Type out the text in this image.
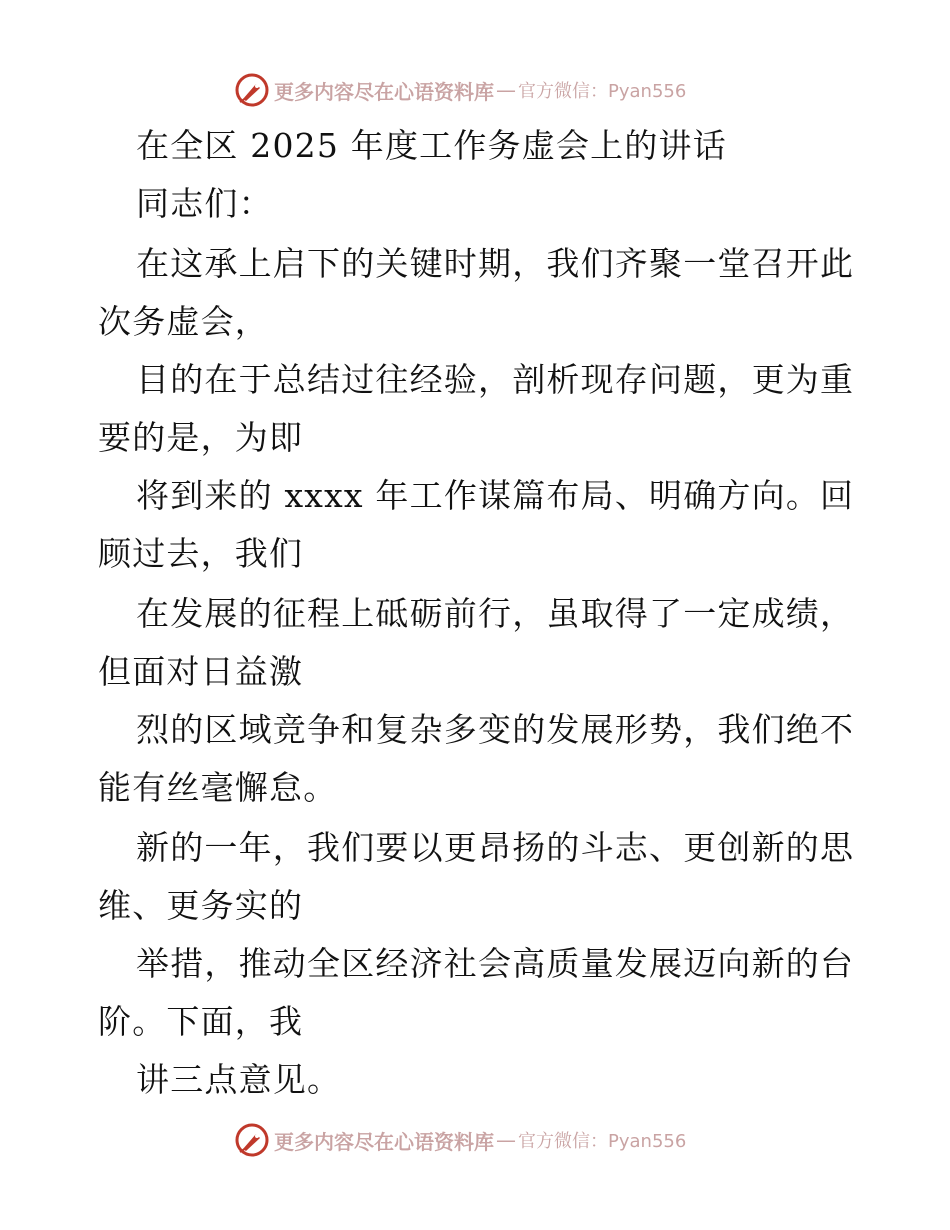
更多内容尽在心语资料库 — 官方微信：Pyan556
在全区 2025 年度工作务虚会上的讲话
同志们：
在这承上启下的关键时期，我们齐聚一堂召开此
次务虚会，
目的在于总结过往经验，剖析现存问题，更为重
要的是，为即
将到来的 xxxx 年工作谋篇布局、明确方向。回
顾过去，我们
在发展的征程上砥砺前行，虽取得了一定成绩，
但面对日益激
烈的区域竞争和复杂多变的发展形势，我们绝不
能有丝毫懈怠。
新的一年，我们要以更昂扬的斗志、更创新的思
维、更务实的
举措，推动全区经济社会高质量发展迈向新的台
阶。下面，我
讲三点意见。
更多内容尽在心语资料库 — 官方微信：Pyan556
